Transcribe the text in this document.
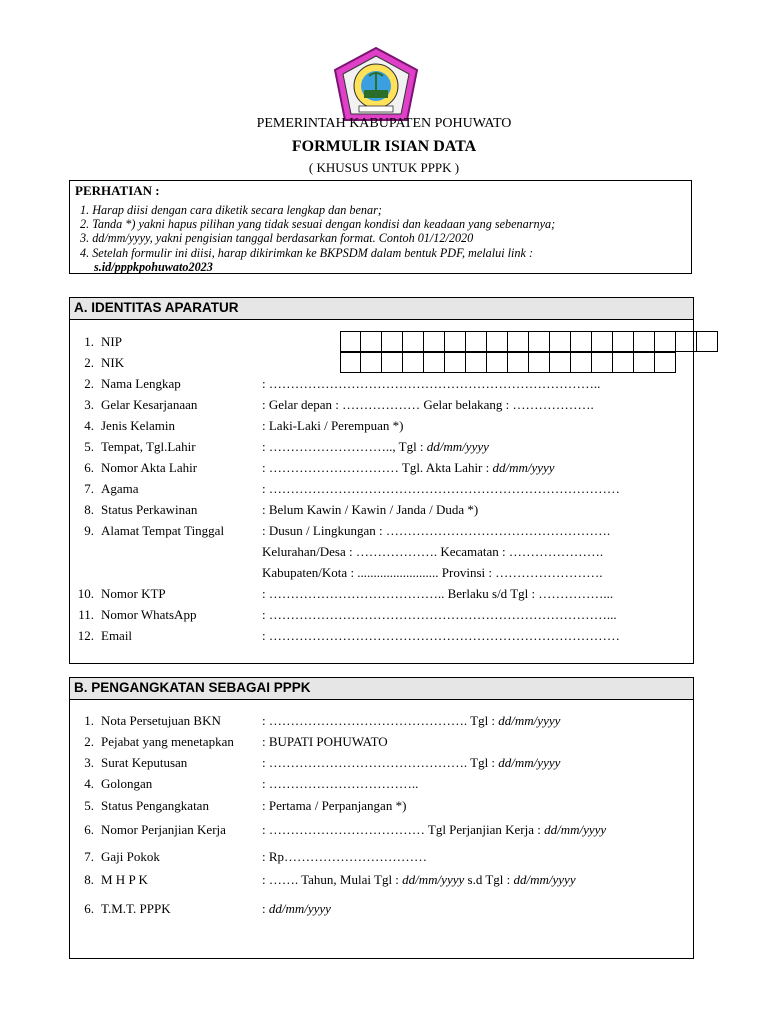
PEMERINTAH KABUPATEN POHUWATO
FORMULIR ISIAN DATA
( KHUSUS UNTUK PPPK )
PERHATIAN :
1. Harap diisi dengan cara diketik secara lengkap dan benar;
2. Tanda *) yakni hapus pilihan yang tidak sesuai dengan kondisi dan keadaan yang sebenarnya;
3. dd/mm/yyyy, yakni pengisian tanggal berdasarkan format. Contoh 01/12/2020
4. Setelah formulir ini diisi, harap dikirimkan ke BKPSDM dalam bentuk PDF, melalui link :
s.id/pppkpohuwato2023
A. IDENTITAS APARATUR
1. NIP
2. NIK
2. Nama Lengkap	: …………………………………………………………………..
3. Gelar Kesarjanaan	: Gelar depan : ……………… Gelar belakang : ……………….
4. Jenis Kelamin	: Laki-Laki / Perempuan *)
5. Tempat, Tgl.Lahir	: ……………………….., Tgl : dd/mm/yyyy
6. Nomor Akta Lahir	: ………………………… Tgl. Akta Lahir : dd/mm/yyyy
7. Agama	: ………………………………………………………………………
8. Status Perkawinan	: Belum Kawin / Kawin / Janda / Duda *)
9. Alamat Tempat Tinggal	: Dusun / Lingkungan : …………………………………………….
Kelurahan/Desa : ………………. Kecamatan : ………………….
Kabupaten/Kota : ......................... Provinsi : …………………….
10. Nomor KTP	: ………………………………….. Berlaku s/d Tgl : ……………...
11. Nomor WhatsApp	: ……………………………………………………………………...
12. Email	: ………………………………………………………………………
B. PENGANGKATAN SEBAGAI PPPK
1. Nota Persetujuan BKN	: ………………………………………. Tgl : dd/mm/yyyy
2. Pejabat yang menetapkan : BUPATI POHUWATO
3. Surat Keputusan	: ………………………………………. Tgl : dd/mm/yyyy
4. Golongan	: ……………………………..
5. Status Pengangkatan	: Pertama / Perpanjangan *)
6. Nomor Perjanjian Kerja	: ……………………………… Tgl Perjanjian Kerja : dd/mm/yyyy
7. Gaji Pokok	: Rp……………………………
8. M H P K	: ……. Tahun, Mulai Tgl : dd/mm/yyyy s.d Tgl : dd/mm/yyyy
6. T.M.T. PPPK	: dd/mm/yyyy
